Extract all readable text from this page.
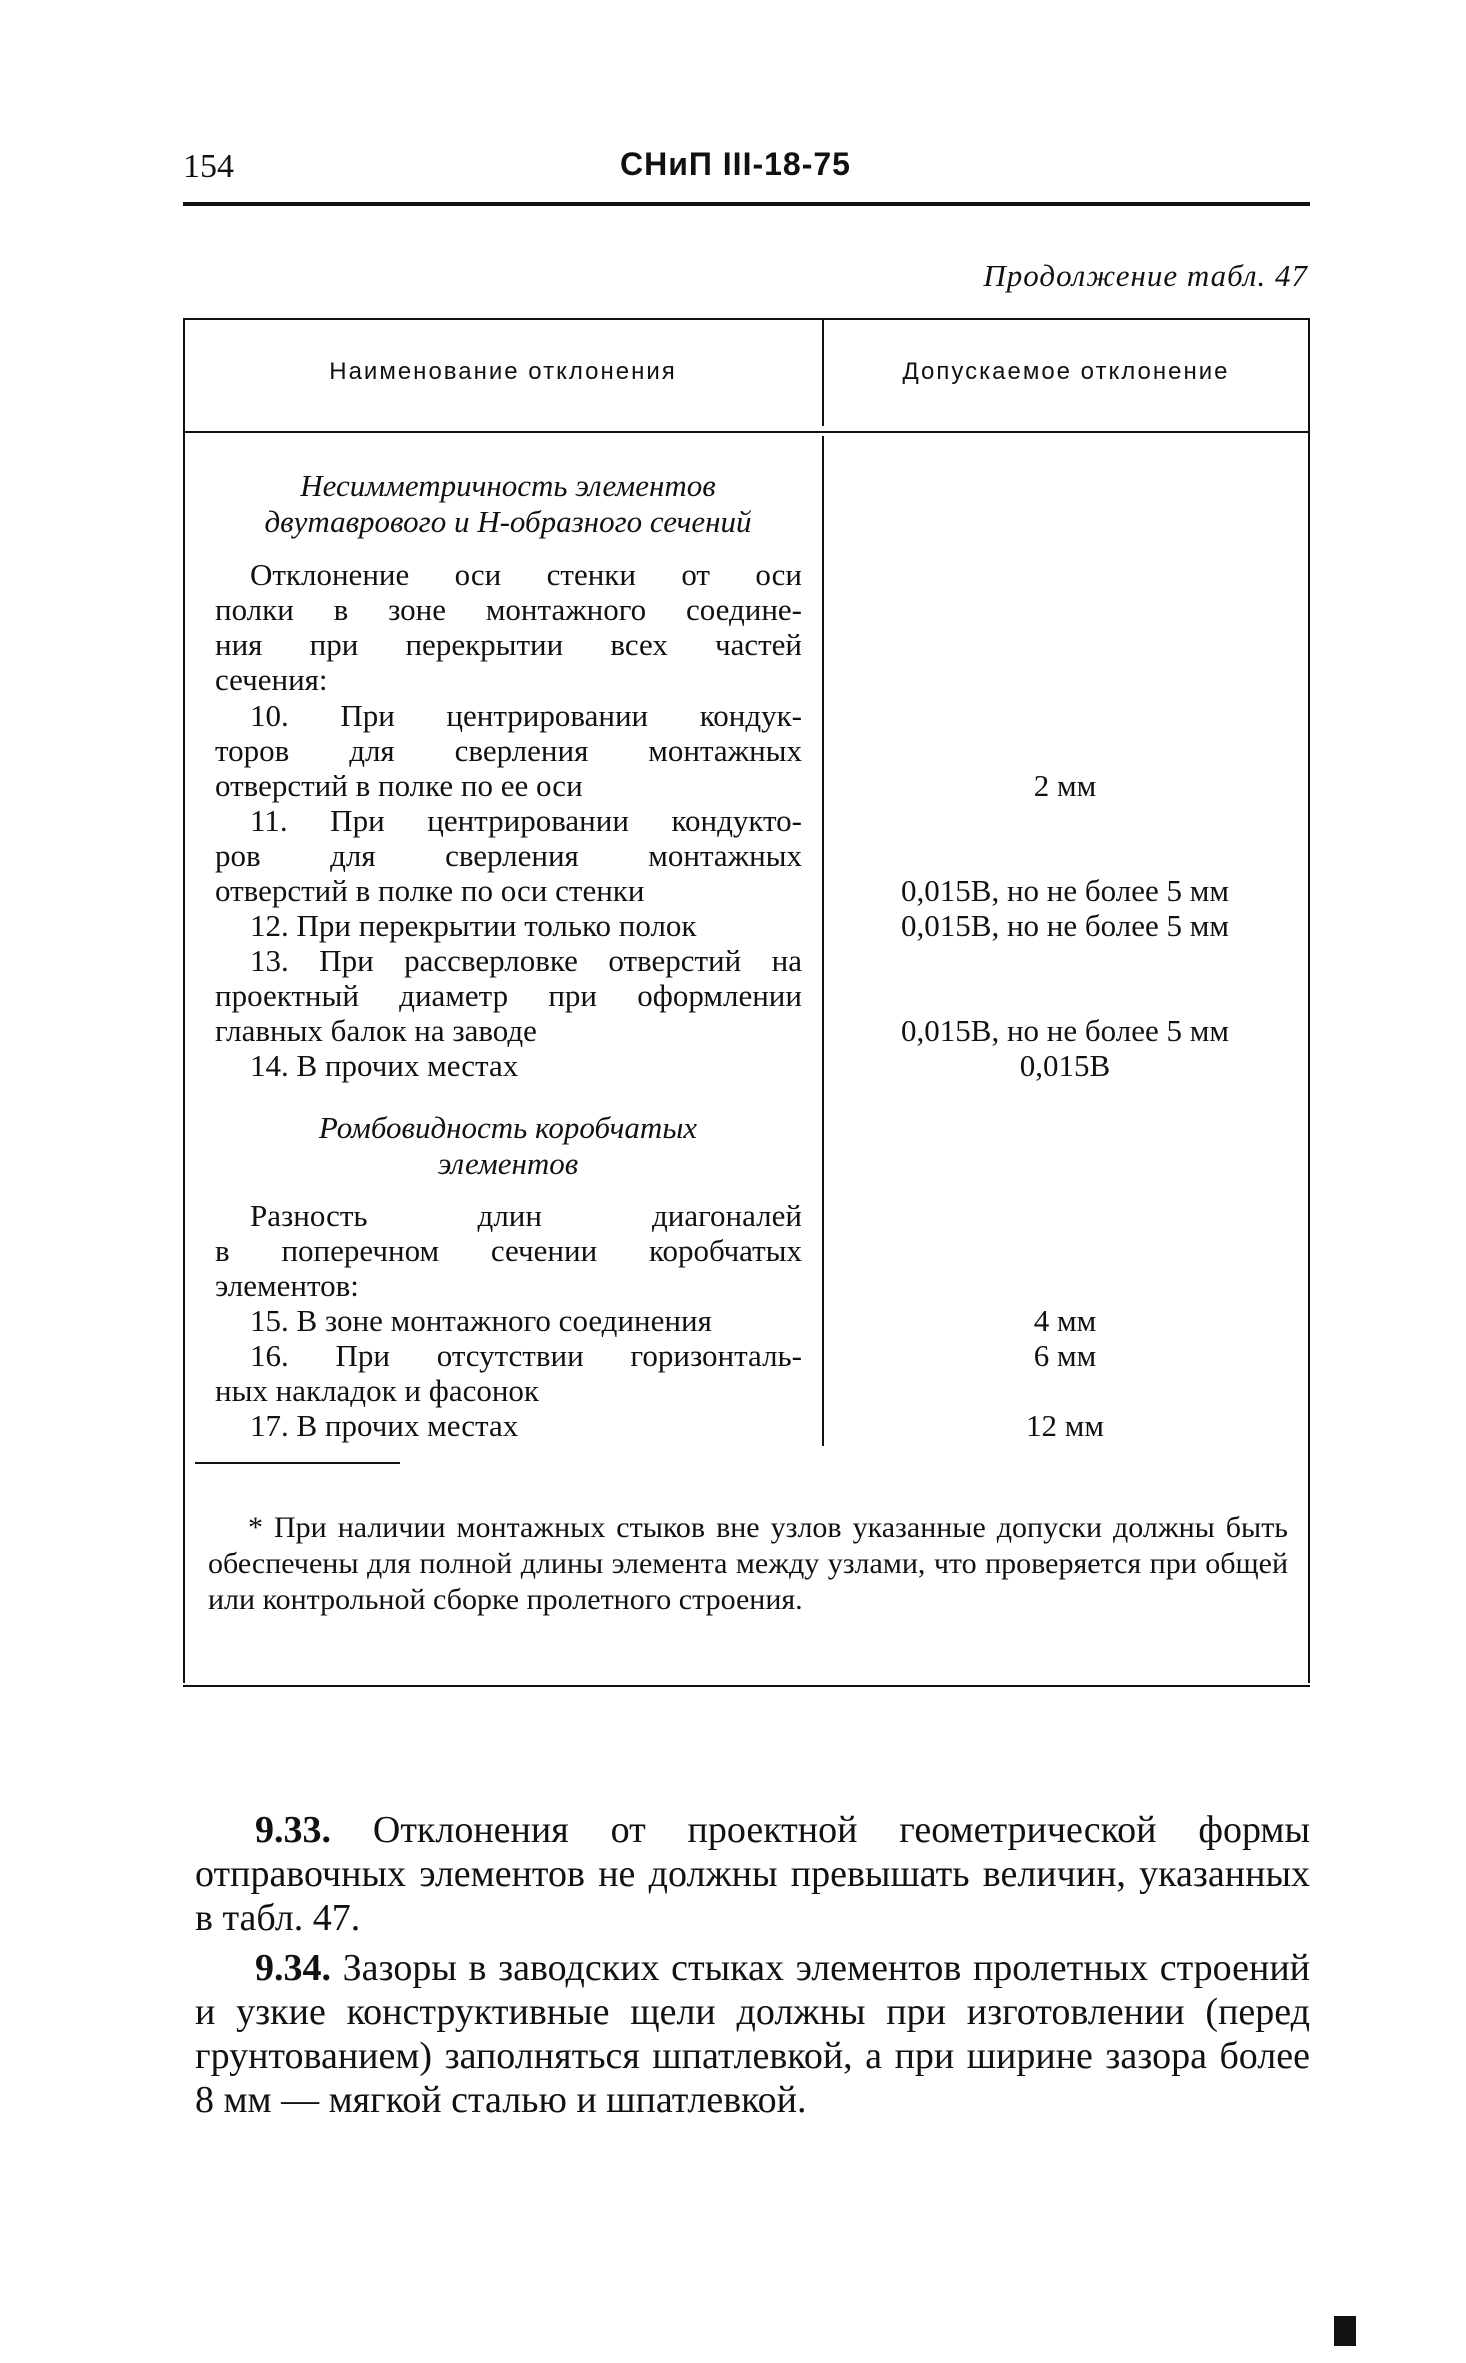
154	СНиП III-18-75
Продолжение табл. 47
Наименование отклонения	Допускаемое отклонение
Несимметричность элементов
двутаврового и Н-образного сечений
Отклонение оси стенки от оси
полки в зоне монтажного соедине-
ния при перекрытии всех частей
сечения:
10. При центрировании кондук-
торов для сверления монтажных
отверстий в полке по ее оси
11. При центрировании кондукто-
ров для сверления монтажных
отверстий в полке по оси стенки
12. При перекрытии только полок
13. При рассверловке отверстий на
проектный диаметр при оформлении
главных балок на заводе
14. В прочих местах
2 мм
0,015B, но не более 5 мм
0,015B, но не более 5 мм
0,015B, но не более 5 мм
0,015B
Ромбовидность коробчатых
элементов
Разность длин диагоналей
в поперечном сечении коробчатых
элементов:
15. В зоне монтажного соединения
16. При отсутствии горизонталь-
ных накладок и фасонок
17. В прочих местах
4 мм
6 мм
12 мм
* При наличии монтажных стыков вне узлов указанные допуски должны быть обеспечены для полной длины элемента между узлами, что проверяется при общей или контрольной сборке пролетного строения.
9.33. Отклонения от проектной геометрической формы отправочных элементов не должны превышать величин, указанных в табл. 47.
9.34. Зазоры в заводских стыках элементов пролетных строений и узкие конструктивные щели должны при изготовлении (перед грунтованием) заполняться шпатлевкой, а при ширине зазора более 8 мм — мягкой сталью и шпатлевкой.
